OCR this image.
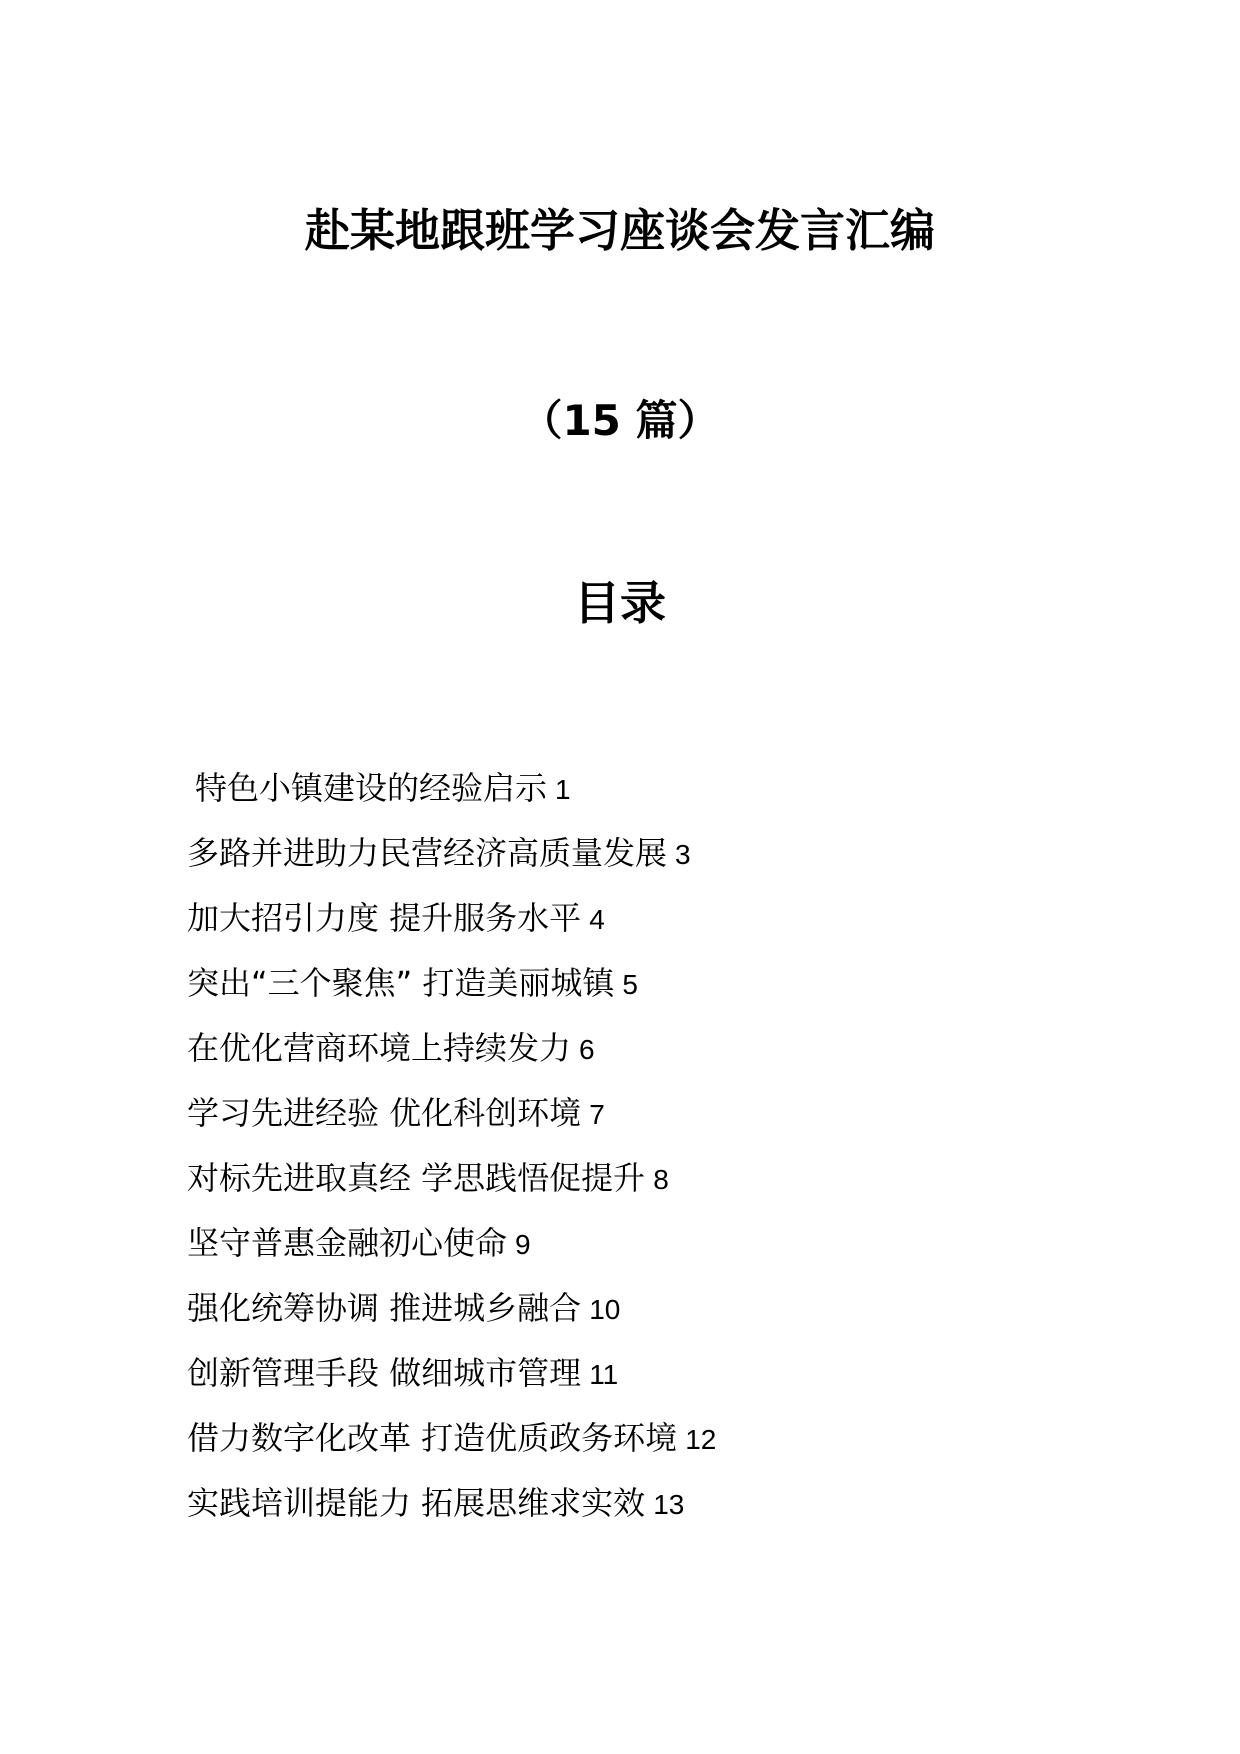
赴某地跟班学习座谈会发言汇编
（15 篇）
目录
特色小镇建设的经验启示 1
多路并进助力民营经济高质量发展 3
加大招引力度 提升服务水平 4
突出“三个聚焦” 打造美丽城镇 5
在优化营商环境上持续发力 6
学习先进经验 优化科创环境 7
对标先进取真经 学思践悟促提升 8
坚守普惠金融初心使命 9
强化统筹协调 推进城乡融合 10
创新管理手段 做细城市管理 11
借力数字化改革 打造优质政务环境 12
实践培训提能力 拓展思维求实效 13
